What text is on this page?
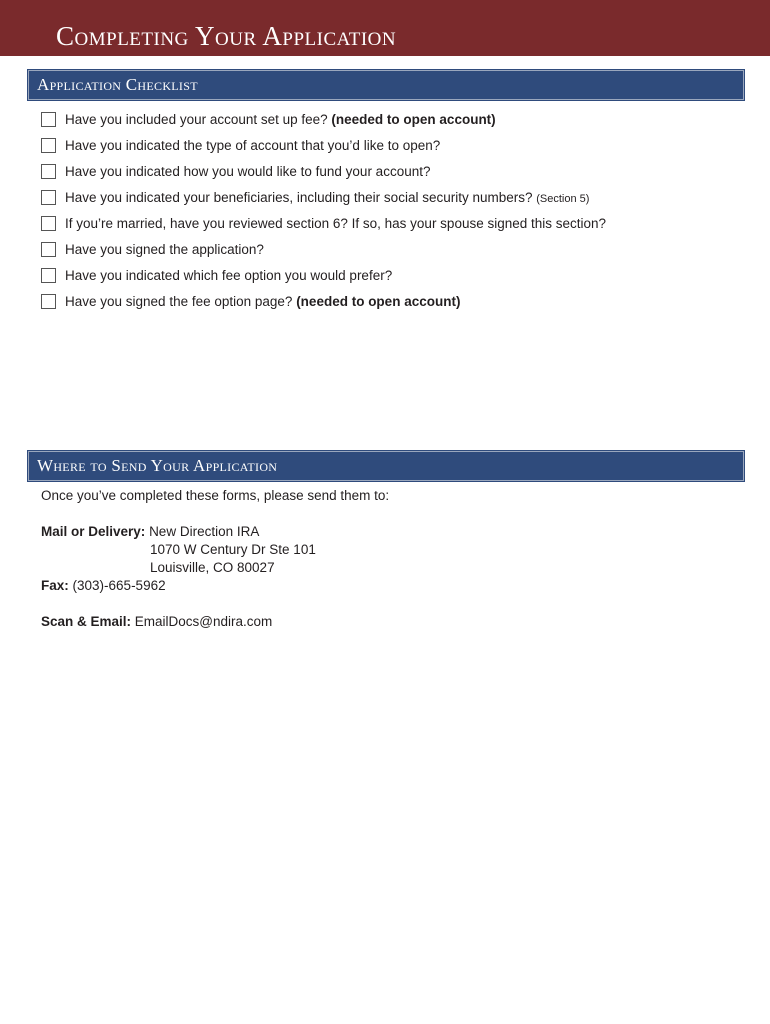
Completing Your Application
Application Checklist
Have you included your account set up fee? (needed to open account)
Have you indicated the type of account that you’d like to open?
Have you indicated how you would like to fund your account?
Have you indicated your beneficiaries, including their social security numbers? (Section 5)
If you’re married, have you reviewed section 6? If so, has your spouse signed this section?
Have you signed the application?
Have you indicated which fee option you would prefer?
Have you signed the fee option page? (needed to open account)
Where to Send Your Application

Once you’ve completed these forms, please send them to:

Mail or Delivery: New Direction IRA

1070 W Century Dr Ste 101

Louisville, CO 80027

Fax: (303)-665-5962

Scan & Email: EmailDocs@ndira.com
